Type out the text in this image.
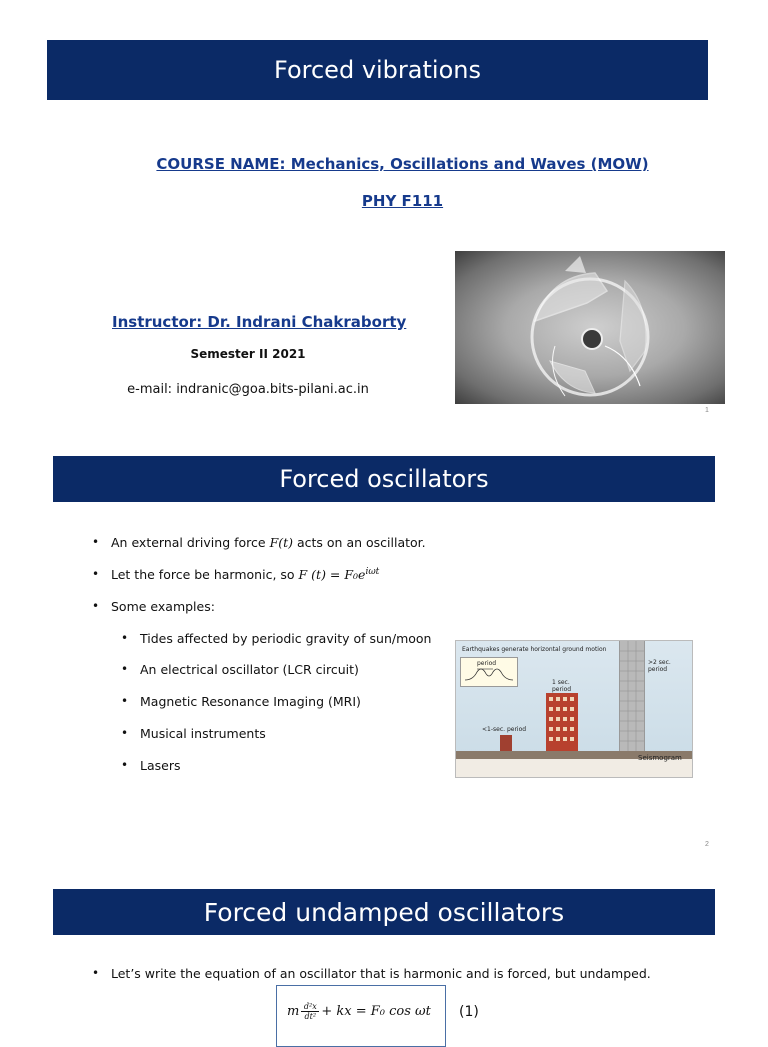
Forced vibrations
COURSE NAME: Mechanics, Oscillations and Waves (MOW)
PHY F111
Instructor: Dr. Indrani Chakraborty
Semester II 2021
e-mail: indranic@goa.bits-pilani.ac.in
1
Forced oscillators
• An external driving force F(t) acts on an oscillator.
• Let the force be harmonic, so F $(t) = F_0e^{i\omega t}$
• Some examples:
• Tides affected by periodic gravity of sun/moon
• An electrical oscillator (LCR circuit)
• Magnetic Resonance Imaging (MRI)
• Musical instruments
• Lasers
Earthquakes generate horizontal ground motion
period	>2 sec.
period
1 sec.
period
<1-sec. period
Seismogram
2
Forced undamped oscillators
• Let’s write the equation of an oscillator that is harmonic and is forced, but undamped.
m d²x
dt² + kx = F₀ cos ωt (1)
